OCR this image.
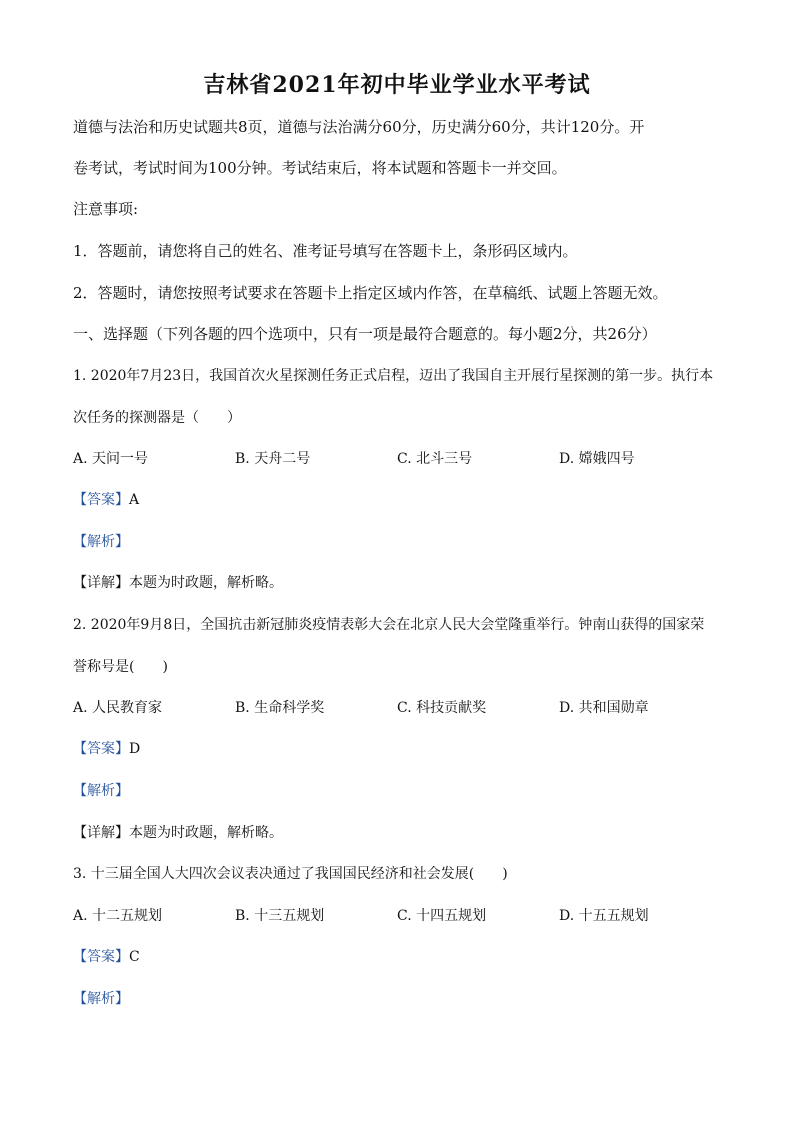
吉林省2021年初中毕业学业水平考试
道德与法治和历史试题共8页，道德与法治满分60分，历史满分60分，共计120分。开
卷考试，考试时间为100分钟。考试结束后，将本试题和答题卡一并交回。
注意事项:
1．答题前，请您将自己的姓名、准考证号填写在答题卡上，条形码区域内。
2．答题时，请您按照考试要求在答题卡上指定区域内作答，在草稿纸、试题上答题无效。
一、选择题（下列各题的四个选项中，只有一项是最符合题意的。每小题2分，共26分）
1. 2020年7月23日，我国首次火星探测任务正式启程，迈出了我国自主开展行星探测的第一步。执行本
次任务的探测器是（　　）
A. 天问一号	B. 天舟二号	C. 北斗三号	D. 嫦娥四号
【答案】A
【解析】
【详解】本题为时政题，解析略。
2. 2020年9月8日，全国抗击新冠肺炎疫情表彰大会在北京人民大会堂隆重举行。钟南山获得的国家荣
誉称号是(　　)
A. 人民教育家	B. 生命科学奖	C. 科技贡献奖	D. 共和国勋章
【答案】D
【解析】
【详解】本题为时政题，解析略。
3. 十三届全国人大四次会议表决通过了我国国民经济和社会发展(　　)
A. 十二五规划	B. 十三五规划	C. 十四五规划	D. 十五五规划
【答案】C
【解析】
